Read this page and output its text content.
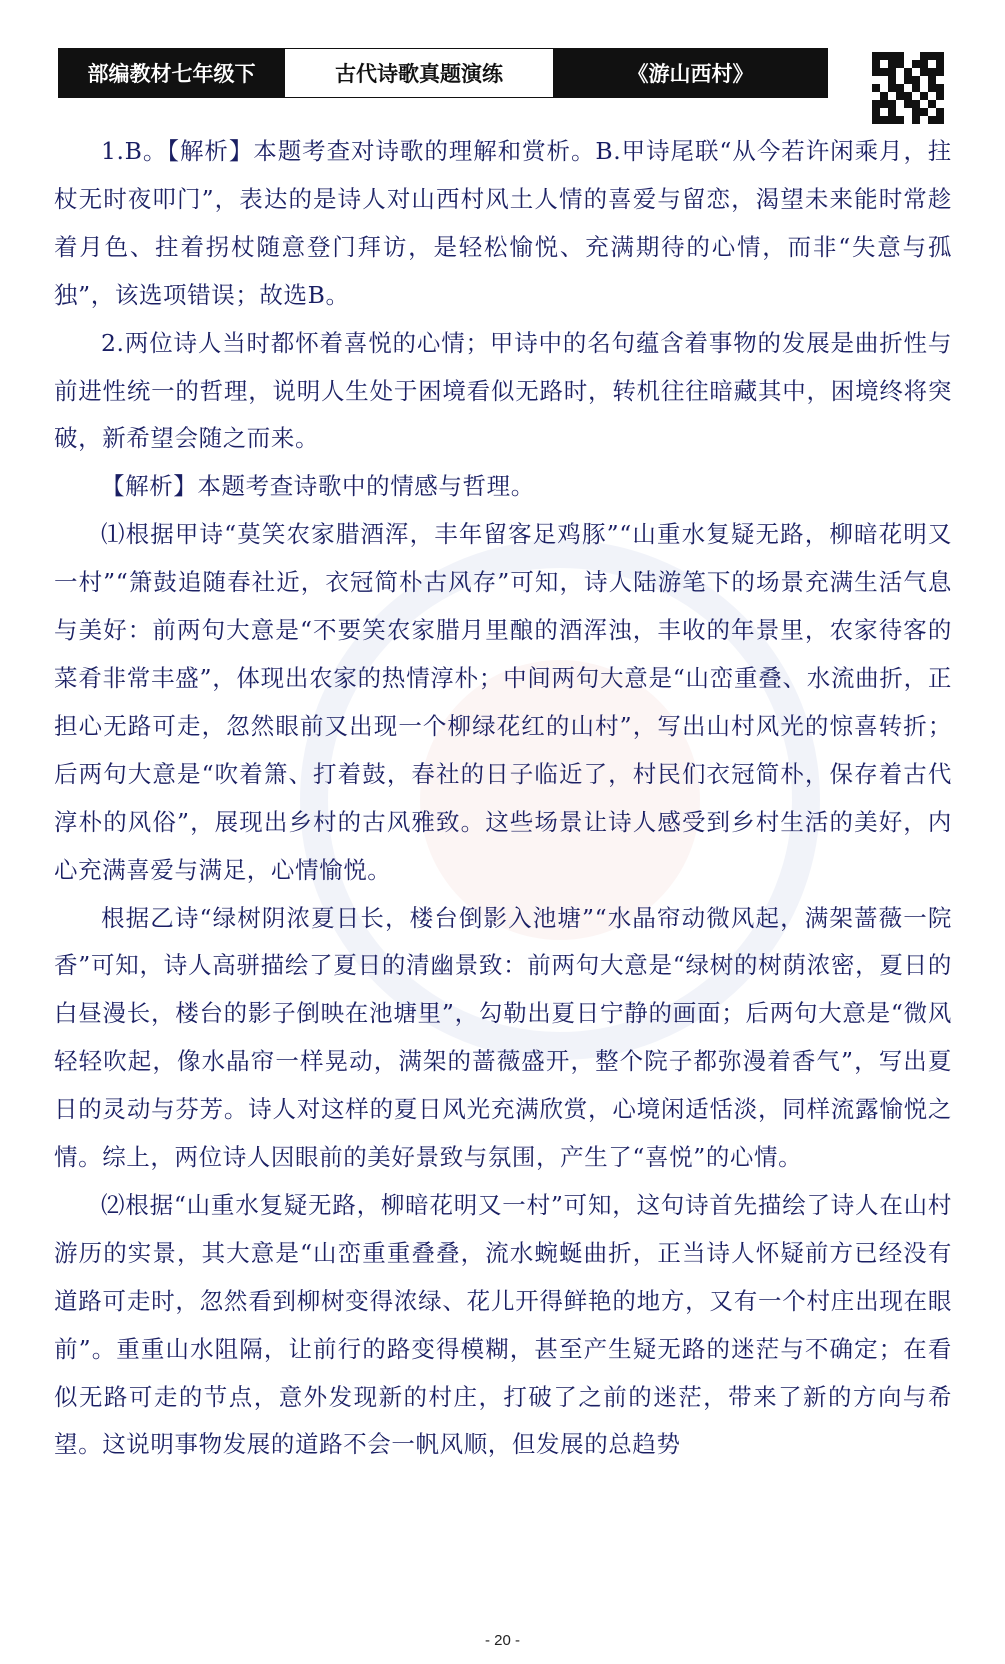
部编教材七年级下	古代诗歌真题演练	《游山西村》

1.B。【解析】本题考查对诗歌的理解和赏析。B.甲诗尾联“从今若许闲乘月，拄杖无时夜叩门”，表达的是诗人对山西村风土人情的喜爱与留恋，渴望未来能时常趁着月色、拄着拐杖随意登门拜访，是轻松愉悦、充满期待的心情，而非“失意与孤独”，该选项错误；故选B。

2.两位诗人当时都怀着喜悦的心情；甲诗中的名句蕴含着事物的发展是曲折性与前进性统一的哲理，说明人生处于困境看似无路时，转机往往暗藏其中，困境终将突破，新希望会随之而来。

【解析】本题考查诗歌中的情感与哲理。

⑴根据甲诗“莫笑农家腊酒浑，丰年留客足鸡豚”“山重水复疑无路，柳暗花明又一村”“箫鼓追随春社近，衣冠简朴古风存”可知，诗人陆游笔下的场景充满生活气息与美好：前两句大意是“不要笑农家腊月里酿的酒浑浊，丰收的年景里，农家待客的菜肴非常丰盛”，体现出农家的热情淳朴；中间两句大意是“山峦重叠、水流曲折，正担心无路可走，忽然眼前又出现一个柳绿花红的山村”，写出山村风光的惊喜转折；后两句大意是“吹着箫、打着鼓，春社的日子临近了，村民们衣冠简朴，保存着古代淳朴的风俗”，展现出乡村的古风雅致。这些场景让诗人感受到乡村生活的美好，内心充满喜爱与满足，心情愉悦。

根据乙诗“绿树阴浓夏日长，楼台倒影入池塘”“水晶帘动微风起，满架蔷薇一院香”可知，诗人高骈描绘了夏日的清幽景致：前两句大意是“绿树的树荫浓密，夏日的白昼漫长，楼台的影子倒映在池塘里”，勾勒出夏日宁静的画面；后两句大意是“微风轻轻吹起，像水晶帘一样晃动，满架的蔷薇盛开，整个院子都弥漫着香气”，写出夏日的灵动与芬芳。诗人对这样的夏日风光充满欣赏，心境闲适恬淡，同样流露愉悦之情。综上，两位诗人因眼前的美好景致与氛围，产生了“喜悦”的心情。

⑵根据“山重水复疑无路，柳暗花明又一村”可知，这句诗首先描绘了诗人在山村游历的实景，其大意是“山峦重重叠叠，流水蜿蜒曲折，正当诗人怀疑前方已经没有道路可走时，忽然看到柳树变得浓绿、花儿开得鲜艳的地方，又有一个村庄出现在眼前”。重重山水阻隔，让前行的路变得模糊，甚至产生疑无路的迷茫与不确定；在看似无路可走的节点，意外发现新的村庄，打破了之前的迷茫，带来了新的方向与希望。这说明事物发展的道路不会一帆风顺，但发展的总趋势

- 20 -
